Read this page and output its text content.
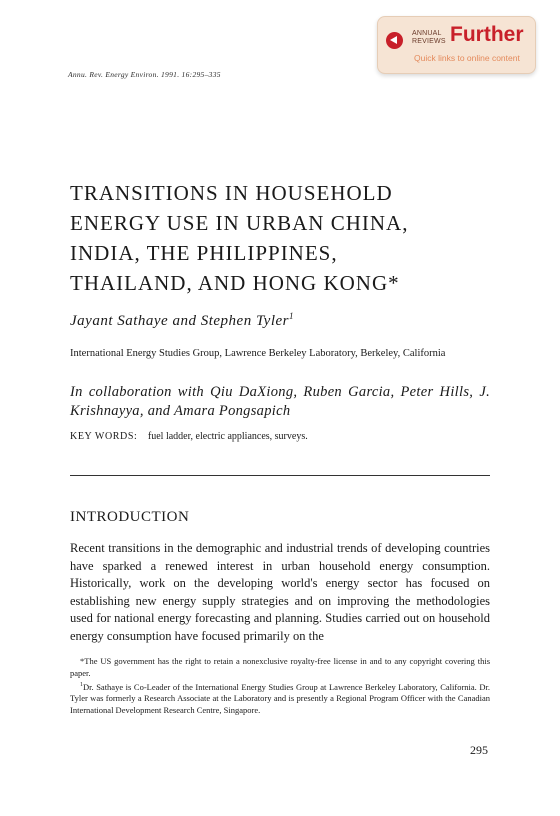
ANNUAL
REVIEWS Further
Quick links to online content
Annu. Rev. Energy Environ. 1991. 16:295–335
TRANSITIONS IN HOUSEHOLD
ENERGY USE IN URBAN CHINA,
INDIA, THE PHILIPPINES,
THAILAND, AND HONG KONG*
Jayant Sathaye and Stephen Tyler$^1$
International Energy Studies Group, Lawrence Berkeley Laboratory, Berkeley, California
In collaboration with Qiu DaXiong, Ruben Garcia, Peter Hills, J. Krishnayya, and Amara Pongsapich
KEY WORDS: fuel ladder, electric appliances, surveys.
INTRODUCTION

Recent transitions in the demographic and industrial trends of developing countries have sparked a renewed interest in urban household energy consumption. Historically, work on the developing world's energy sector has focused on establishing new energy supply strategies and on improving the methodologies used for national energy forecasting and planning. Studies carried out on household energy consumption have focused primarily on the

*The US government has the right to retain a nonexclusive royalty-free license in and to any copyright covering this paper.

$^1$Dr. Sathaye is Co-Leader of the International Energy Studies Group at Lawrence Berkeley Laboratory, California. Dr. Tyler was formerly a Research Associate at the Laboratory and is presently a Regional Program Officer with the Canadian International Development Research Centre, Singapore.

295
